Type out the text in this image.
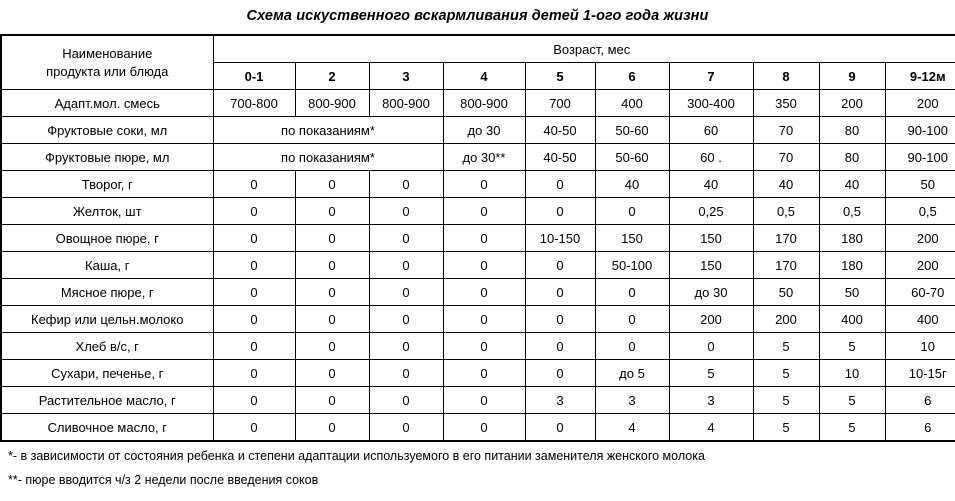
Схема искуственного вскармливания детей 1-ого года жизни
Наименование
продукта или блюда	Возраст, мес									
	0-1	2	3	4	5	6	7	8	9	9-12м
Адапт.мол. смесь	700-800	800-900	800-900	800-900	700	400	300-400	350	200	200
Фруктовые соки, мл	по показаниям*			до 30	40-50	50-60	60	70	80	90-100
Фруктовые пюре, мл	по показаниям*			до 30**	40-50	50-60	60 .	70	80	90-100
Творог, г	0	0	0	0	0	40	40	40	40	50
Желток, шт	0	0	0	0	0	0	0,25	0,5	0,5	0,5
Овощное пюре, г	0	0	0	0	10-150	150	150	170	180	200
Каша, г	0	0	0	0	0	50-100	150	170	180	200
Мясное пюре, г	0	0	0	0	0	0	до 30	50	50	60-70
Кефир или цельн.молоко	0	0	0	0	0	0	200	200	400	400
Хлеб в/с, г	0	0	0	0	0	0	0	5	5	10
Сухари, печенье, г	0	0	0	0	0	до 5	5	5	10	10-15г
Растительное масло, г	0	0	0	0	3	3	3	5	5	6
Сливочное масло, г	0	0	0	0	0	4	4	5	5	6
*- в зависимости от состояния ребенка и степени адаптации используемого в его питании заменителя женского молока
**- пюре вводится ч/з 2 недели после введения соков
